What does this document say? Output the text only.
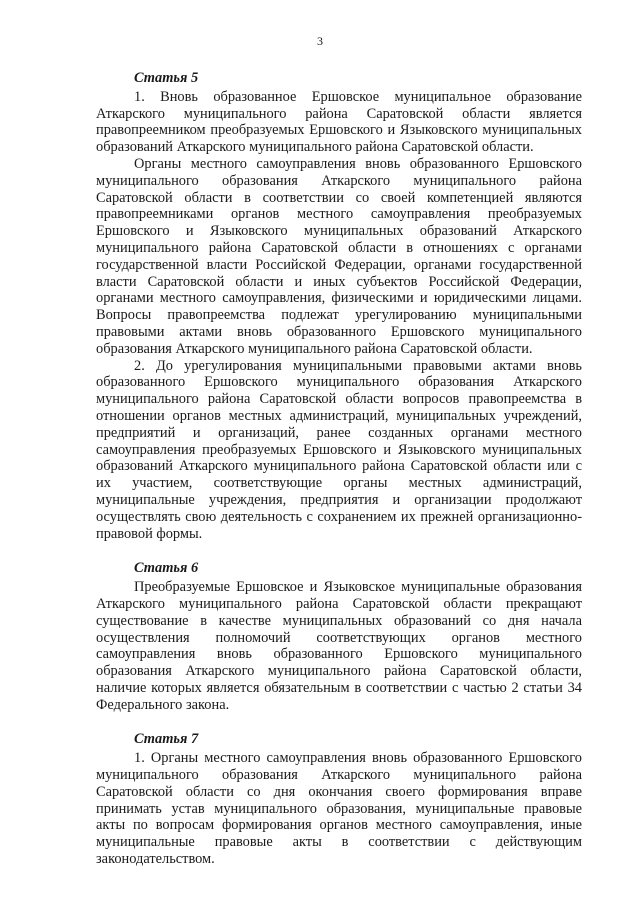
3

Статья 5

1. Вновь образованное Ершовское муниципальное образование Аткарского муниципального района Саратовской области является правопреемником преобразуемых Ершовского и Языковского муниципальных образований Аткарского муниципального района Саратовской области.

Органы местного самоуправления вновь образованного Ершовского муниципального образования Аткарского муниципального района Саратовской области в соответствии со своей компетенцией являются правопреемниками органов местного самоуправления преобразуемых Ершовского и Языковского муниципальных образований Аткарского муниципального района Саратовской области в отношениях с органами государственной власти Российской Федерации, органами государственной власти Саратовской области и иных субъектов Российской Федерации, органами местного самоуправления, физическими и юридическими лицами. Вопросы правопреемства подлежат урегулированию муниципальными правовыми актами вновь образованного Ершовского муниципального образования Аткарского муниципального района Саратовской области.

2. До урегулирования муниципальными правовыми актами вновь образованного Ершовского муниципального образования Аткарского муниципального района Саратовской области вопросов правопреемства в отношении органов местных администраций, муниципальных учреждений, предприятий и организаций, ранее созданных органами местного самоуправления преобразуемых Ершовского и Языковского муниципальных образований Аткарского муниципального района Саратовской области или с их участием, соответствующие органы местных администраций, муниципальные учреждения, предприятия и организации продолжают осуществлять свою деятельность с сохранением их прежней организационно-правовой формы.

Статья 6

Преобразуемые Ершовское и Языковское муниципальные образования Аткарского муниципального района Саратовской области прекращают существование в качестве муниципальных образований со дня начала осуществления полномочий соответствующих органов местного самоуправления вновь образованного Ершовского муниципального образования Аткарского муниципального района Саратовской области, наличие которых является обязательным в соответствии с частью 2 статьи 34 Федерального закона.

Статья 7

1. Органы местного самоуправления вновь образованного Ершовского муниципального образования Аткарского муниципального района Саратовской области со дня окончания своего формирования вправе принимать устав муниципального образования, муниципальные правовые акты по вопросам формирования органов местного самоуправления, иные муниципальные правовые акты в соответствии с действующим законодательством.
